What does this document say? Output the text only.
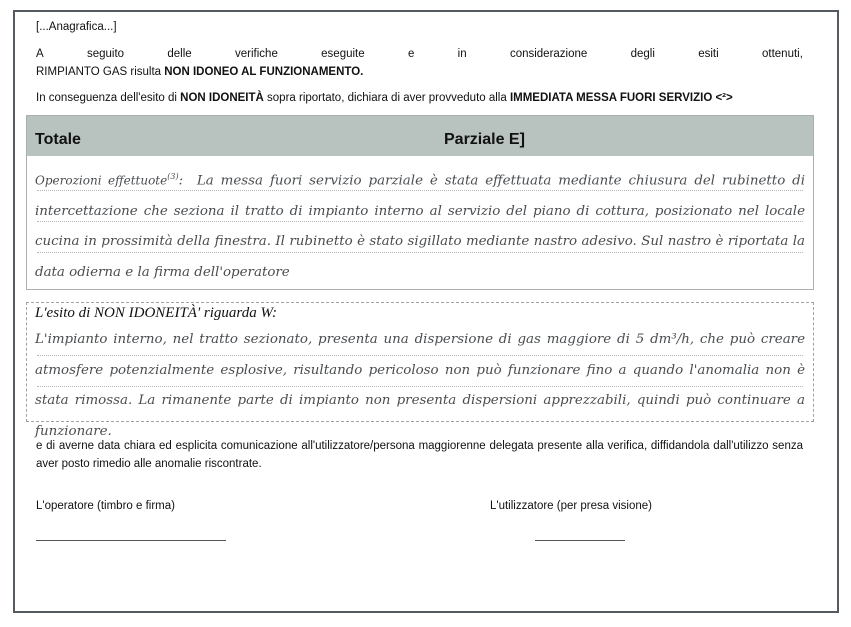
[...Anagrafica...]
A	seguito	delle	verifiche	eseguite	e	in	considerazione	degli	esiti	ottenuti,
RIMPIANTO GAS risulta NON IDONEO AL FUNZIONAMENTO.
In conseguenza dell'esito di NON IDONEITÀ sopra riportato, dichiara di aver provveduto alla IMMEDIATA MESSA FUORI SERVIZIO <²>
Totale	Parziale E]
Operozioni effettuote$^{(3)}$:  La messa fuori servizio parziale è stata effettuata mediante chiusura del rubinetto di intercettazione che seziona il tratto di impianto interno al servizio del piano di cottura, posizionato nel locale cucina in prossimità della finestra. Il rubinetto è stato sigillato mediante nastro adesivo. Sul nastro è riportata la data odierna e la firma dell'operatore
L'esito di NON IDONEITÀ' riguarda W:
L'impianto interno, nel tratto sezionato, presenta una dispersione di gas maggiore di 5 dm³/h, che può creare atmosfere potenzialmente esplosive, risultando pericoloso non può funzionare fino a quando l'anomalia non è stata rimossa. La rimanente parte di impianto non presenta dispersioni apprezzabili, quindi può continuare a funzionare.
e di averne data chiara ed esplicita comunicazione all'utilizzatore/persona maggiorenne delegata presente alla verifica, diffidandola dall'utilizzo senza aver posto rimedio alle anomalie riscontrate.
L'operatore (timbro e firma)	L'utilizzatore (per presa visione)
